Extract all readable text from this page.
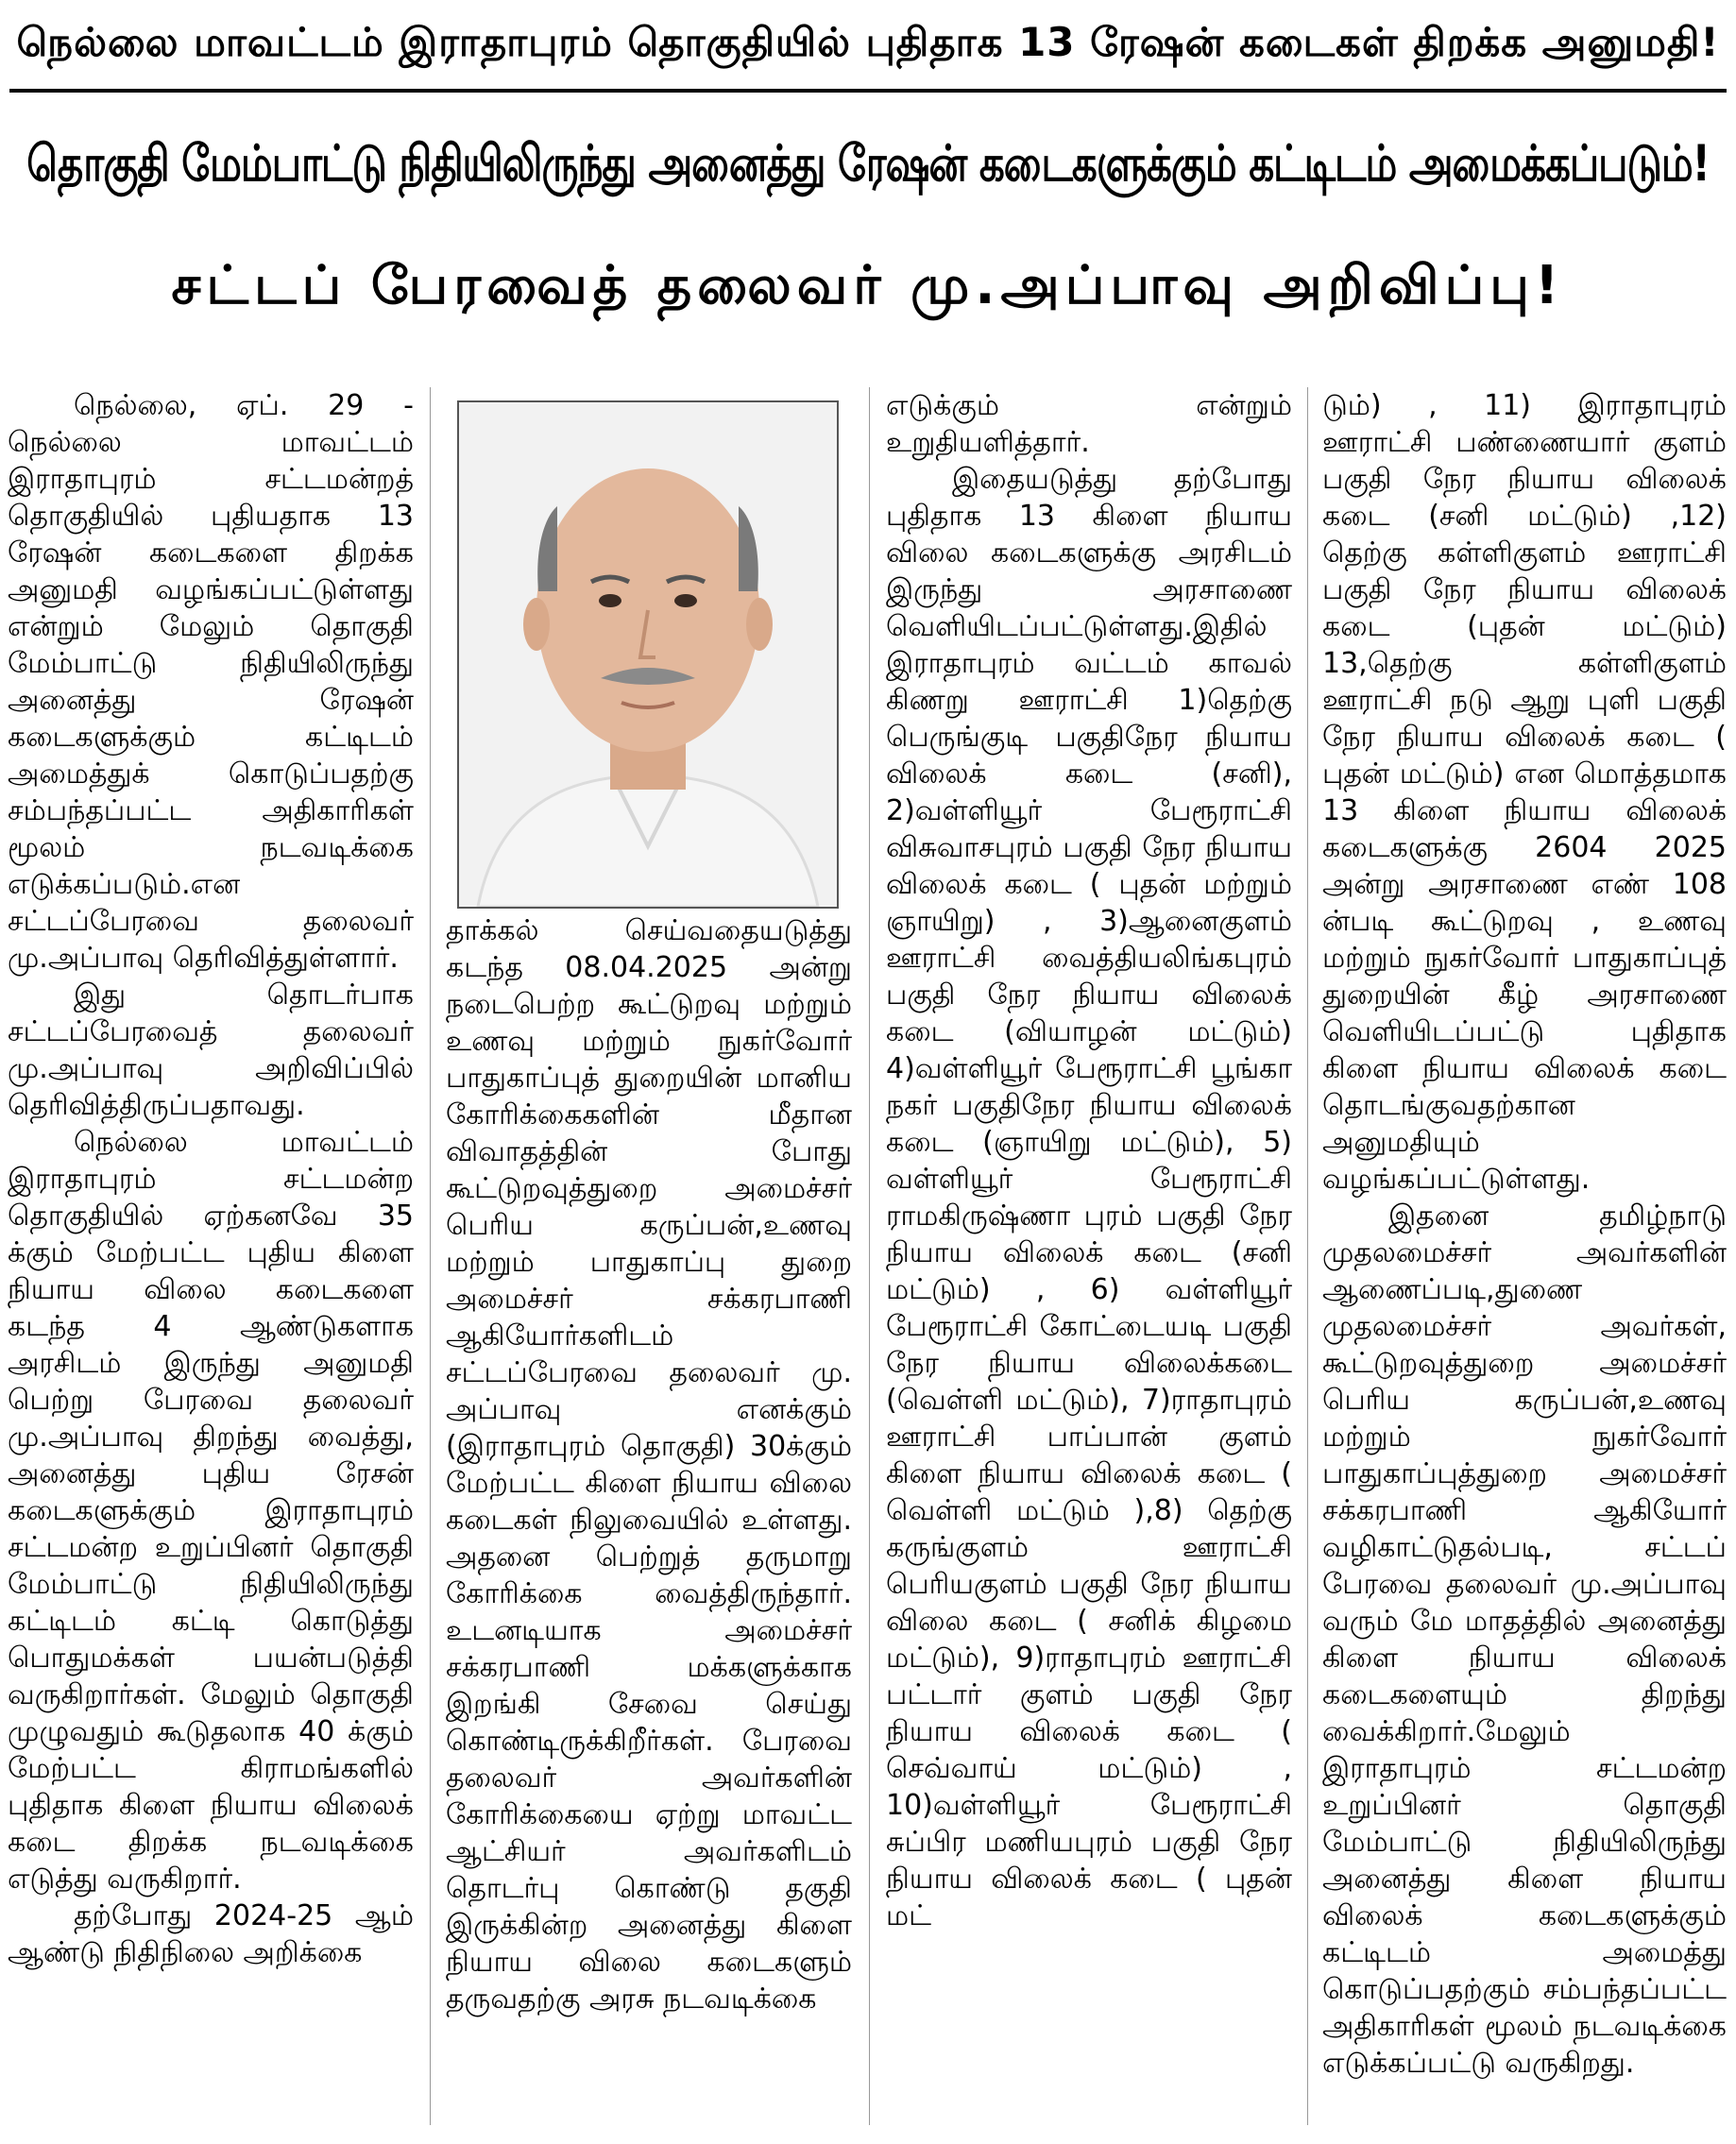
நெல்லை மாவட்டம் இராதாபுரம் தொகுதியில் புதிதாக 13 ரேஷன் கடைகள் திறக்க அனுமதி!
தொகுதி மேம்பாட்டு நிதியிலிருந்து அனைத்து ரேஷன் கடைகளுக்கும் கட்டிடம் அமைக்கப்படும்!
சட்டப் பேரவைத் தலைவர் மு.அப்பாவு அறிவிப்பு!

நெல்லை, ஏப். 29 - நெல்லை மாவட்டம் இராதாபுரம் சட்டமன்றத் தொகுதியில் புதியதாக 13 ரேஷன் கடைகளை திறக்க அனுமதி வழங்கப்பட்டுள்ளது என்றும் மேலும் தொகுதி மேம்பாட்டு நிதியிலிருந்து அனைத்து ரேஷன் கடைகளுக்கும் கட்டிடம் அமைத்துக் கொடுப்பதற்கு சம்பந்தப்பட்ட அதிகாரிகள் மூலம் நடவடிக்கை எடுக்கப்படும்.என சட்டப்பேரவை தலைவர் மு.அப்பாவு தெரிவித்துள்ளார்.

இது தொடர்பாக சட்டப்பேரவைத் தலைவர் மு.அப்பாவு அறிவிப்பில் தெரிவித்திருப்பதாவது.

நெல்லை மாவட்டம் இராதாபுரம் சட்டமன்ற தொகுதியில் ஏற்கனவே 35 க்கும் மேற்பட்ட புதிய கிளை நியாய விலை கடைகளை கடந்த 4 ஆண்டுகளாக அரசிடம் இருந்து அனுமதி பெற்று பேரவை தலைவர் மு.அப்பாவு திறந்து வைத்து, அனைத்து புதிய ரேசன் கடைகளுக்கும் இராதாபுரம் சட்டமன்ற உறுப்பினர் தொகுதி மேம்பாட்டு நிதியிலிருந்து கட்டிடம் கட்டி கொடுத்து பொதுமக்கள் பயன்படுத்தி வருகிறார்கள். மேலும் தொகுதி முழுவதும் கூடுதலாக 40 க்கும் மேற்பட்ட கிராமங்களில் புதிதாக கிளை நியாய விலைக் கடை திறக்க நடவடிக்கை எடுத்து வருகிறார்.

தற்போது 2024-25 ஆம் ஆண்டு நிதிநிலை அறிக்கை

தாக்கல் செய்வதையடுத்து கடந்த 08.04.2025 அன்று நடைபெற்ற கூட்டுறவு மற்றும் உணவு மற்றும் நுகர்வோர் பாதுகாப்புத் துறையின் மானிய கோரிக்கைகளின் மீதான விவாதத்தின் போது கூட்டுறவுத்துறை அமைச்சர் பெரிய கருப்பன்,உணவு மற்றும் பாதுகாப்பு துறை அமைச்சர் சக்கரபாணி ஆகியோர்களிடம் சட்டப்பேரவை தலைவர் மு. அப்பாவு எனக்கும் (இராதாபுரம் தொகுதி) 30க்கும் மேற்பட்ட கிளை நியாய விலை கடைகள் நிலுவையில் உள்ளது. அதனை பெற்றுத் தருமாறு கோரிக்கை வைத்திருந்தார். உடனடியாக அமைச்சர் சக்கரபாணி மக்களுக்காக இறங்கி சேவை செய்து கொண்டிருக்கிறீர்கள். பேரவை தலைவர் அவர்களின் கோரிக்கையை ஏற்று மாவட்ட ஆட்சியர் அவர்களிடம் தொடர்பு கொண்டு தகுதி இருக்கின்ற அனைத்து கிளை நியாய விலை கடைகளும் தருவதற்கு அரசு நடவடிக்கை

எடுக்கும் என்றும் உறுதியளித்தார்.

இதையடுத்து தற்போது புதிதாக 13 கிளை நியாய விலை கடைகளுக்கு அரசிடம் இருந்து அரசாணை வெளியிடப்பட்டுள்ளது.இதில் இராதாபுரம் வட்டம் காவல் கிணறு ஊராட்சி 1)தெற்கு பெருங்குடி பகுதிநேர நியாய விலைக் கடை (சனி), 2)வள்ளியூர் பேரூராட்சி விசுவாசபுரம் பகுதி நேர நியாய விலைக் கடை ( புதன் மற்றும் ஞாயிறு) , 3)ஆனைகுளம் ஊராட்சி வைத்தியலிங்கபுரம் பகுதி நேர நியாய விலைக் கடை (வியாழன் மட்டும்) 4)வள்ளியூர் பேரூராட்சி பூங்கா நகர் பகுதிநேர நியாய விலைக் கடை (ஞாயிறு மட்டும்), 5) வள்ளியூர் பேரூராட்சி ராமகிருஷ்ணா புரம் பகுதி நேர நியாய விலைக் கடை (சனி மட்டும்) , 6) வள்ளியூர் பேரூராட்சி கோட்டையடி பகுதி நேர நியாய விலைக்கடை (வெள்ளி மட்டும்), 7)ராதாபுரம் ஊராட்சி பாப்பான் குளம் கிளை நியாய விலைக் கடை ( வெள்ளி மட்டும் ),8) தெற்கு கருங்குளம் ஊராட்சி பெரியகுளம் பகுதி நேர நியாய விலை கடை ( சனிக் கிழமை மட்டும்), 9)ராதாபுரம் ஊராட்சி பட்டார் குளம் பகுதி நேர நியாய விலைக் கடை ( செவ்வாய் மட்டும்) , 10)வள்ளியூர் பேரூராட்சி சுப்பிர மணியபுரம் பகுதி நேர நியாய விலைக் கடை ( புதன் மட்

டும்) , 11) இராதாபுரம் ஊராட்சி பண்ணையார் குளம் பகுதி நேர நியாய விலைக் கடை (சனி மட்டும்) ,12) தெற்கு கள்ளிகுளம் ஊராட்சி பகுதி நேர நியாய விலைக் கடை (புதன் மட்டும்) 13,தெற்கு கள்ளிகுளம் ஊராட்சி நடு ஆறு புளி பகுதி நேர நியாய விலைக் கடை ( புதன் மட்டும்) என மொத்தமாக 13 கிளை நியாய விலைக் கடைகளுக்கு 2604 2025 அன்று அரசாணை எண் 108 ன்படி கூட்டுறவு , உணவு மற்றும் நுகர்வோர் பாதுகாப்புத் துறையின் கீழ் அரசாணை வெளியிடப்பட்டு புதிதாக கிளை நியாய விலைக் கடை தொடங்குவதற்கான அனுமதியும் வழங்கப்பட்டுள்ளது.

இதனை தமிழ்நாடு முதலமைச்சர் அவர்களின் ஆணைப்படி,துணை முதலமைச்சர் அவர்கள், கூட்டுறவுத்துறை அமைச்சர் பெரிய கருப்பன்,உணவு மற்றும் நுகர்வோர் பாதுகாப்புத்துறை அமைச்சர் சக்கரபாணி ஆகியோர் வழிகாட்டுதல்படி, சட்டப் பேரவை தலைவர் மு.அப்பாவு வரும் மே மாதத்தில் அனைத்து கிளை நியாய விலைக் கடைகளையும் திறந்து வைக்கிறார்.மேலும் இராதாபுரம் சட்டமன்ற உறுப்பினர் தொகுதி மேம்பாட்டு நிதியிலிருந்து அனைத்து கிளை நியாய விலைக் கடைகளுக்கும் கட்டிடம் அமைத்து கொடுப்பதற்கும் சம்பந்தப்பட்ட அதிகாரிகள் மூலம் நடவடிக்கை எடுக்கப்பட்டு வருகிறது.
